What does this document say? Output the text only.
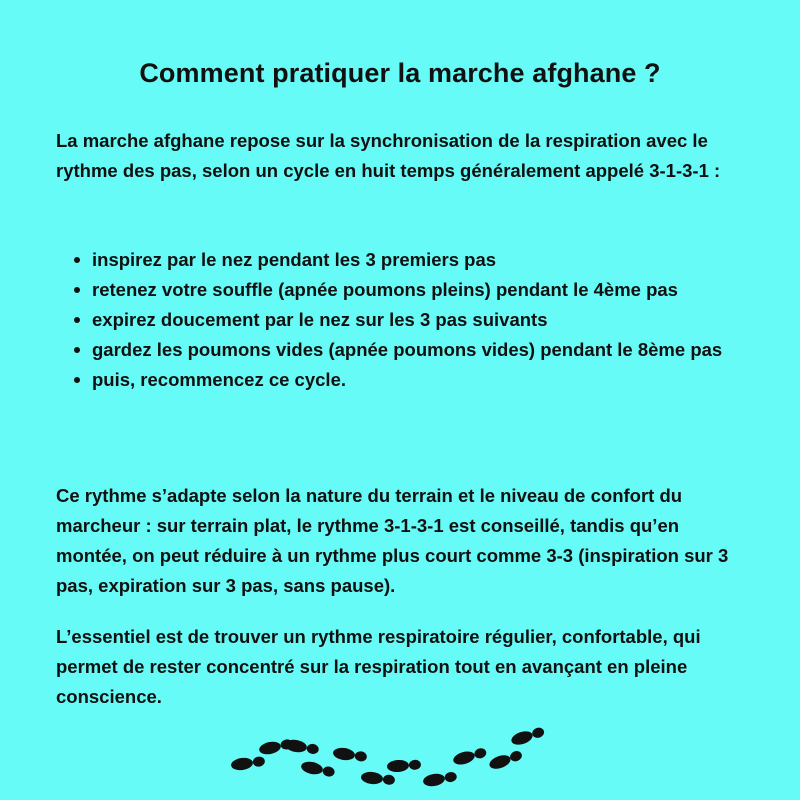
Comment pratiquer la marche afghane ?

La marche afghane repose sur la synchronisation de la respiration avec le rythme des pas, selon un cycle en huit temps généralement appelé 3-1-3-1 :

inspirez par le nez pendant les 3 premiers pas
retenez votre souffle (apnée poumons pleins) pendant le 4ème pas
expirez doucement par le nez sur les 3 pas suivants
gardez les poumons vides (apnée poumons vides) pendant le 8ème pas
puis, recommencez ce cycle.

Ce rythme s’adapte selon la nature du terrain et le niveau de confort du marcheur : sur terrain plat, le rythme 3-1-3-1 est conseillé, tandis qu’en montée, on peut réduire à un rythme plus court comme 3-3 (inspiration sur 3 pas, expiration sur 3 pas, sans pause).

L’essentiel est de trouver un rythme respiratoire régulier, confortable, qui permet de rester concentré sur la respiration tout en avançant en pleine conscience.
